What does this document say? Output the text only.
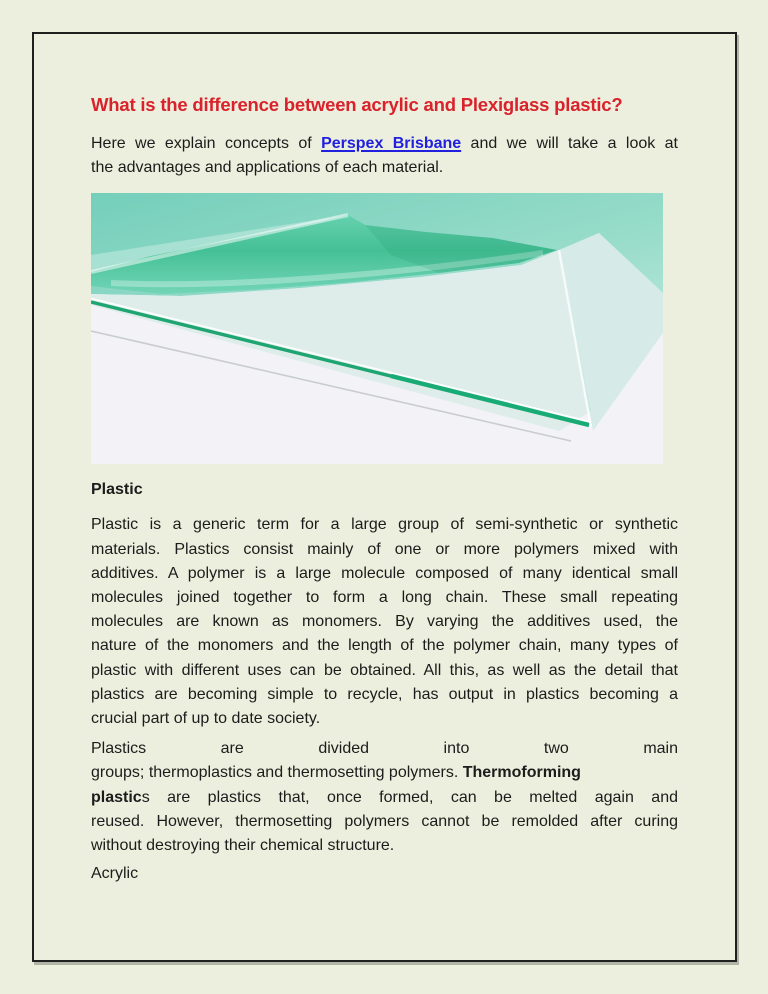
What is the difference between acrylic and Plexiglass plastic?
Here we explain concepts of Perspex Brisbane and we will take a look at
the advantages and applications of each material.
Plastic
Plastic is a generic term for a large group of semi-synthetic or synthetic
materials. Plastics consist mainly of one or more polymers mixed with
additives. A polymer is a large molecule composed of many identical small
molecules joined together to form a long chain. These small repeating
molecules are known as monomers. By varying the additives used, the
nature of the monomers and the length of the polymer chain, many types of
plastic with different uses can be obtained. All this, as well as the detail that
plastics are becoming simple to recycle, has output in plastics becoming a
crucial part of up to date society.
Plastics are divided into two main
groups; thermoplastics and thermosetting polymers. Thermoforming
plastics are plastics that, once formed, can be melted again and
reused. However, thermosetting polymers cannot be remolded after curing
without destroying their chemical structure.
Acrylic
